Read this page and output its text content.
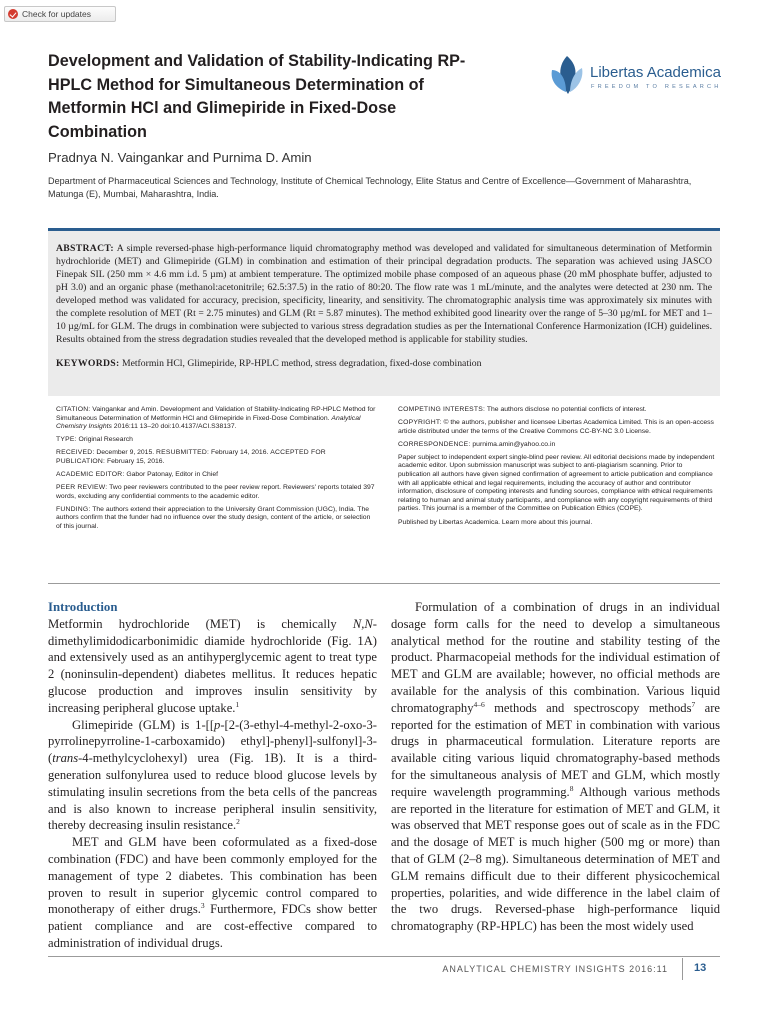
Check for updates
Development and Validation of Stability-Indicating RP-HPLC Method for Simultaneous Determination of Metformin HCl and Glimepiride in Fixed-Dose Combination
Libertas Academica
FREEDOM TO RESEARCH
Pradnya N. Vaingankar and Purnima D. Amin
Department of Pharmaceutical Sciences and Technology, Institute of Chemical Technology, Elite Status and Centre of Excellence—Government of Maharashtra, Matunga (E), Mumbai, Maharashtra, India.

ABSTRACT: A simple reversed-phase high-performance liquid chromatography method was developed and validated for simultaneous determination of Metformin hydrochloride (MET) and Glimepiride (GLM) in combination and estimation of their principal degradation products. The separation was achieved using JASCO Finepak SIL (250 mm × 4.6 mm i.d. 5 µm) at ambient temperature. The optimized mobile phase composed of an aqueous phase (20 mM phosphate buffer, adjusted to pH 3.0) and an organic phase (methanol:acetonitrile; 62.5:37.5) in the ratio of 80:20. The flow rate was 1 mL/minute, and the analytes were detected at 230 nm. The developed method was validated for accuracy, precision, specificity, linearity, and sensitivity. The chromatographic analysis time was approximately six minutes with the complete resolution of MET (Rt = 2.75 minutes) and GLM (Rt = 5.87 minutes). The method exhibited good linearity over the range of 5–30 µg/mL for MET and 1–10 µg/mL for GLM. The drugs in combination were subjected to various stress degradation studies as per the International Conference Harmonization (ICH) guidelines. Results obtained from the stress degradation studies revealed that the developed method is applicable for stability studies.

KEYWORDS: Metformin HCl, Glimepiride, RP-HPLC method, stress degradation, fixed-dose combination

CITATION: Vaingankar and Amin. Development and Validation of Stability-Indicating RP-HPLC Method for Simultaneous Determination of Metformin HCl and Glimepiride in Fixed-Dose Combination. Analytical Chemistry Insights 2016:11 13–20 doi:10.4137/ACI.S38137.

TYPE: Original Research

RECEIVED: December 9, 2015. RESUBMITTED: February 14, 2016. ACCEPTED FOR PUBLICATION: February 15, 2016.

ACADEMIC EDITOR: Gabor Patonay, Editor in Chief

PEER REVIEW: Two peer reviewers contributed to the peer review report. Reviewers' reports totaled 397 words, excluding any confidential comments to the academic editor.

FUNDING: The authors extend their appreciation to the University Grant Commission (UGC), India. The authors confirm that the funder had no influence over the study design, content of the article, or selection of this journal.

COMPETING INTERESTS: The authors disclose no potential conflicts of interest.

COPYRIGHT: © the authors, publisher and licensee Libertas Academica Limited. This is an open-access article distributed under the terms of the Creative Commons CC-BY-NC 3.0 License.

CORRESPONDENCE: purnima.amin@yahoo.co.in

Paper subject to independent expert single-blind peer review. All editorial decisions made by independent academic editor. Upon submission manuscript was subject to anti-plagiarism scanning. Prior to publication all authors have given signed confirmation of agreement to article publication and compliance with all applicable ethical and legal requirements, including the accuracy of author and contributor information, disclosure of competing interests and funding sources, compliance with ethical requirements relating to human and animal study participants, and compliance with any copyright requirements of third parties. This journal is a member of the Committee on Publication Ethics (COPE).

Published by Libertas Academica. Learn more about this journal.

Introduction

Metformin hydrochloride (MET) is chemically N,N-dimethylimidodicarbonimidic diamide hydrochloride (Fig. 1A) and extensively used as an antihyperglycemic agent to treat type 2 (noninsulin-dependent) diabetes mellitus. It reduces hepatic glucose production and improves insulin sensitivity by increasing peripheral glucose uptake.$^1$

Glimepiride (GLM) is 1-[[p-[2-(3-ethyl-4-methyl-2-oxo-3-pyrrolinepyrroline-1-carboxamido) ethyl]-phenyl]-sulfonyl]-3-(trans-4-methylcyclohexyl) urea (Fig. 1B). It is a third-generation sulfonylurea used to reduce blood glucose levels by stimulating insulin secretions from the beta cells of the pancreas and is also known to increase peripheral insulin sensitivity, thereby decreasing insulin resistance.$^2$

MET and GLM have been coformulated as a fixed-dose combination (FDC) and have been commonly employed for the management of type 2 diabetes. This combination has been proven to result in superior glycemic control compared to monotherapy of either drugs.$^3$ Furthermore, FDCs show better patient compliance and are cost-effective compared to administration of individual drugs.

Formulation of a combination of drugs in an individual dosage form calls for the need to develop a simultaneous analytical method for the routine and stability testing of the product. Pharmacopeial methods for the individual estimation of MET and GLM are available; however, no official methods are available for the analysis of this combination. Various liquid chromatography$^{4-6}$ methods and spectroscopy methods$^7$ are reported for the estimation of MET in combination with various drugs in pharmaceutical formulation. Literature reports are available citing various liquid chromatography-based methods for the simultaneous analysis of MET and GLM, which mostly require wavelength programming.$^8$ Although various methods are reported in the literature for estimation of MET and GLM, it was observed that MET response goes out of scale as in the FDC and the dosage of MET is much higher (500 mg or more) than that of GLM (2–8 mg). Simultaneous determination of MET and GLM remains difficult due to their different physicochemical properties, polarities, and wide difference in the label claim of the two drugs. Reversed-phase high-performance liquid chromatography (RP-HPLC) has been the most widely used

ANALYTICAL CHEMISTRY INSIGHTS 2016:11 13
